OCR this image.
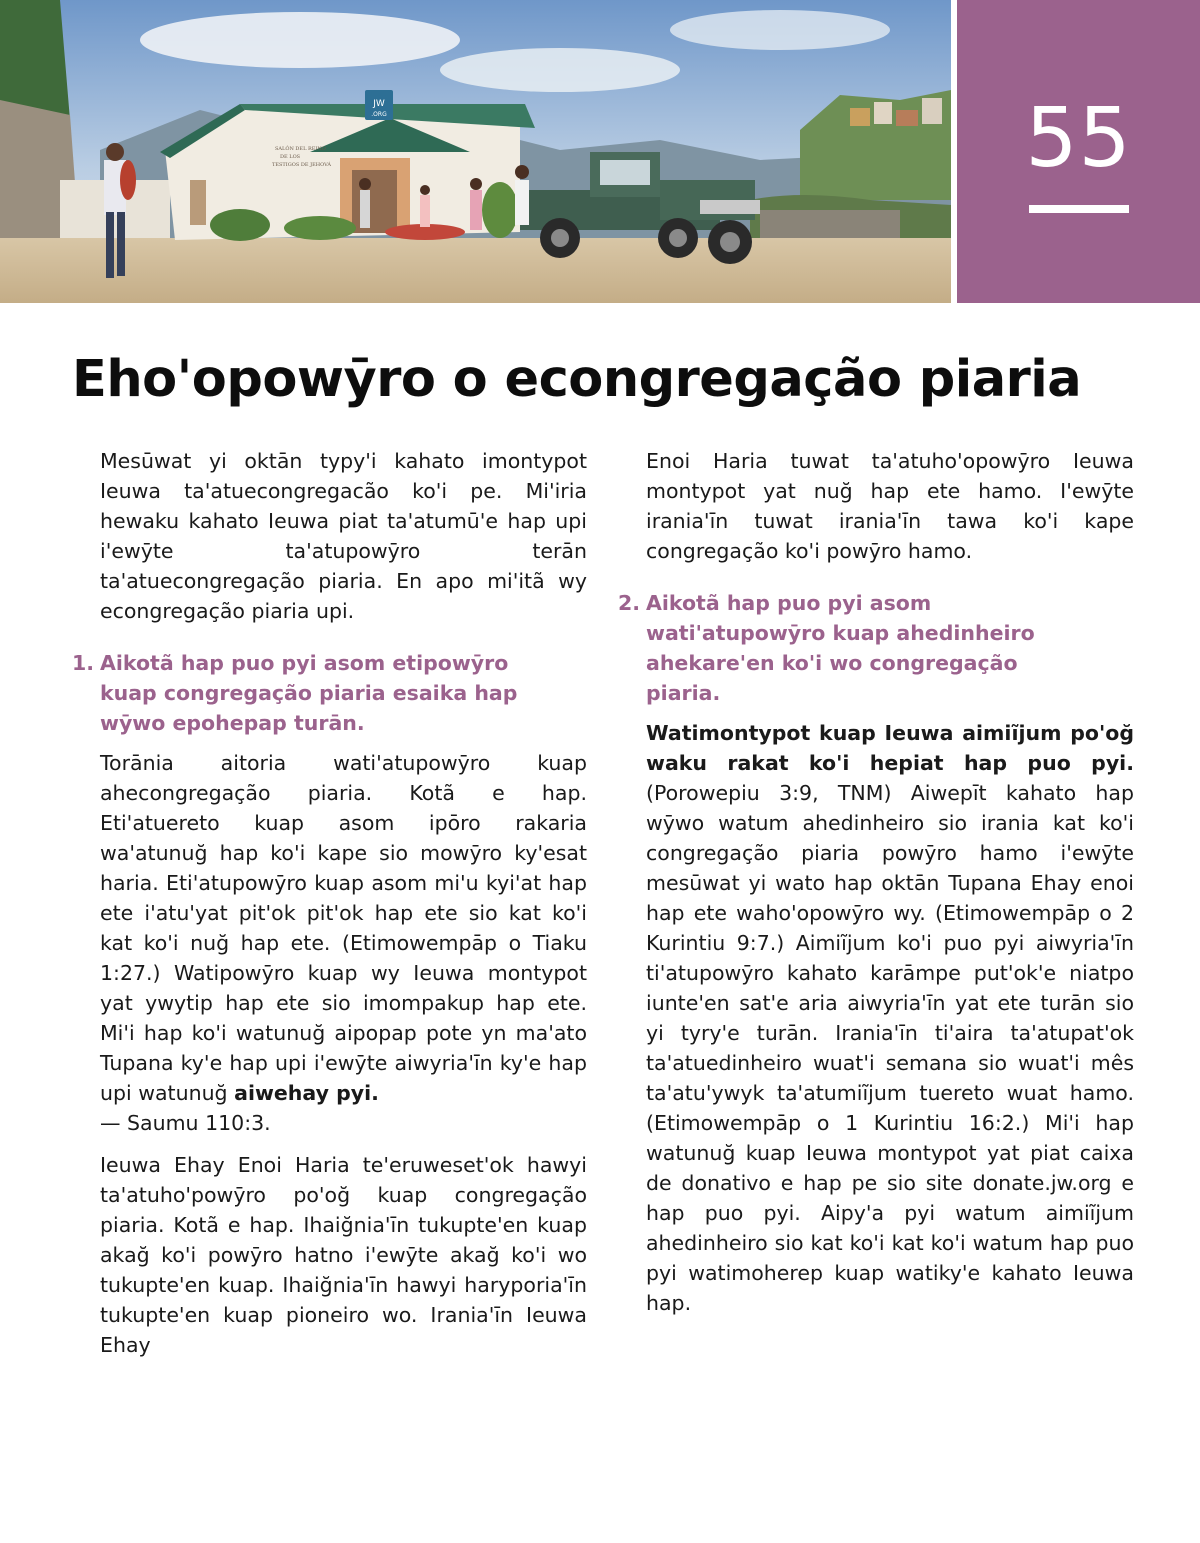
JW
.ORG
SALÓN DEL REINO
DE LOS
TESTIGOS DE JEHOVÁ	55
Eho'opowȳro o econgregação piaria

Mesūwat yi oktān typy'i kahato imontypot Ieuwa ta'atuecongregacão ko'i pe. Mi'iria hewaku kahato Ieuwa piat ta'atumū'e hap upi i'ewȳte ta'atupowȳro terān ta'atuecongregação piaria. En apo mi'itã wy econgregação piaria upi.

1. Aikotã hap puo pyi asom etipowȳro kuap congregação piaria esaika hap wȳwo epohepap turān.

Torānia aitoria wati'atupowȳro kuap ahecongregação piaria. Kotã e hap. Eti'atuereto kuap asom ipōro rakaria wa'atunuğ hap ko'i kape sio mowȳro ky'esat haria. Eti'atupowȳro kuap asom mi'u kyi'at hap ete i'atu'yat pit'ok pit'ok hap ete sio kat ko'i kat ko'i nuğ hap ete. (Etimowempāp o Tiaku 1:27.) Watipowȳro kuap wy Ieuwa montypot yat ywytip hap ete sio imompakup hap ete. Mi'i hap ko'i watunuğ aipopap pote yn ma'ato Tupana ky'e hap upi i'ewȳte aiwyria'īn ky'e hap upi watunuğ aiwehay pyi.
— Saumu 110:3.

Ieuwa Ehay Enoi Haria te'eruweset'ok hawyi ta'atuho'powȳro po'oğ kuap congregação piaria. Kotã e hap. Ihaiğnia'īn tukupte'en kuap akağ ko'i powȳro hatno i'ewȳte akağ ko'i wo tukupte'en kuap. Ihaiğnia'īn hawyi haryporia'īn tukupte'en kuap pioneiro wo. Irania'īn Ieuwa Ehay

Enoi Haria tuwat ta'atuho'opowȳro Ieuwa montypot yat nuğ hap ete hamo. I'ewȳte irania'īn tuwat irania'īn tawa ko'i kape congregação ko'i powȳro hamo.

2. Aikotã hap puo pyi asom wati'atupowȳro kuap ahedinheiro ahekare'en ko'i wo congregação piaria.

Watimontypot kuap Ieuwa aimiĩjum po'oğ waku rakat ko'i hepiat hap puo pyi. (Porowepiu 3:9, TNM) Aiwepīt kahato hap wȳwo watum ahedinheiro sio irania kat ko'i congregação piaria powȳro hamo i'ewȳte mesūwat yi wato hap oktān Tupana Ehay enoi hap ete waho'opowȳro wy. (Etimowempāp o 2 Kurintiu 9:7.) Aimiĩjum ko'i puo pyi aiwyria'īn ti'atupowȳro kahato karāmpe put'ok'e niatpo iunte'en sat'e aria aiwyria'īn yat ete turān sio yi tyry'e turān. Irania'īn ti'aira ta'atupat'ok ta'atuedinheiro wuat'i semana sio wuat'i mês ta'atu'ywyk ta'atumiĩjum tuereto wuat hamo. (Etimowempāp o 1 Kurintiu 16:2.) Mi'i hap watunuğ kuap Ieuwa montypot yat piat caixa de donativo e hap pe sio site donate.jw.org e hap puo pyi. Aipy'a pyi watum aimiĩjum ahedinheiro sio kat ko'i kat ko'i watum hap puo pyi watimoherep kuap watiky'e kahato Ieuwa hap.
